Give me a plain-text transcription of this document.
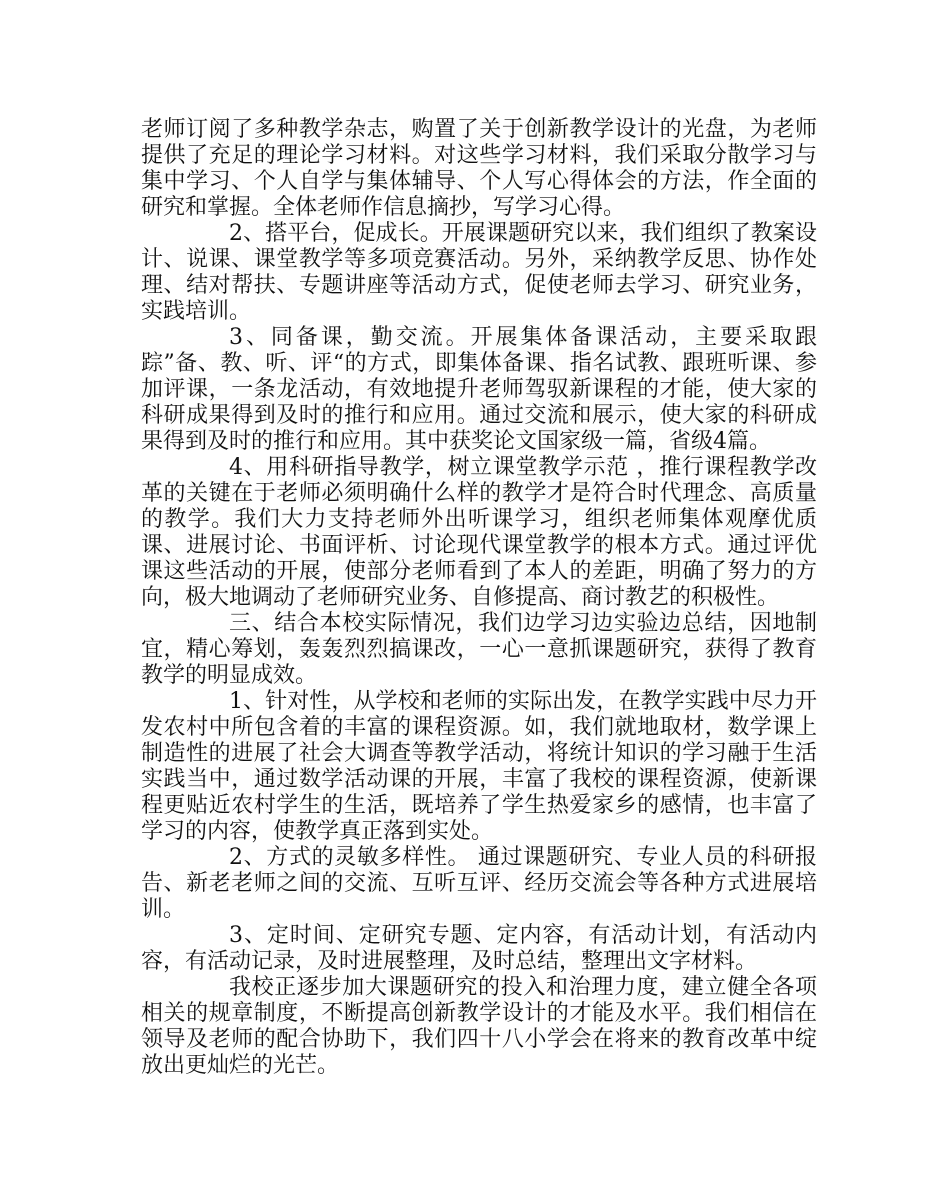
老师订阅了多种教学杂志，购置了关于创新教学设计的光盘，为老师提供了充足的理论学习材料。对这些学习材料，我们采取分散学习与集中学习、个人自学与集体辅导、个人写心得体会的方法，作全面的研究和掌握。全体老师作信息摘抄，写学习心得。

2、搭平台，促成长。开展课题研究以来，我们组织了教案设计、说课、课堂教学等多项竞赛活动。另外，采纳教学反思、协作处理、结对帮扶、专题讲座等活动方式，促使老师去学习、研究业务，实践培训。

3、同备课，勤交流。开展集体备课活动，主要采取跟踪”备、教、听、评“的方式，即集体备课、指名试教、跟班听课、参加评课，一条龙活动，有效地提升老师驾驭新课程的才能，使大家的科研成果得到及时的推行和应用。通过交流和展示，使大家的科研成果得到及时的推行和应用。其中获奖论文国家级一篇，省级4篇。

4、用科研指导教学，树立课堂教学示范 ，推行课程教学改革的关键在于老师必须明确什么样的教学才是符合时代理念、高质量的教学。我们大力支持老师外出听课学习，组织老师集体观摩优质课、进展讨论、书面评析、讨论现代课堂教学的根本方式。通过评优课这些活动的开展，使部分老师看到了本人的差距，明确了努力的方向，极大地调动了老师研究业务、自修提高、商讨教艺的积极性。

三、结合本校实际情况，我们边学习边实验边总结，因地制宜，精心筹划，轰轰烈烈搞课改，一心一意抓课题研究，获得了教育教学的明显成效。

1、针对性，从学校和老师的实际出发，在教学实践中尽力开发农村中所包含着的丰富的课程资源。如，我们就地取材，数学课上制造性的进展了社会大调查等教学活动，将统计知识的学习融于生活实践当中，通过数学活动课的开展，丰富了我校的课程资源，使新课程更贴近农村学生的生活，既培养了学生热爱家乡的感情，也丰富了学习的内容，使教学真正落到实处。

2、方式的灵敏多样性。 通过课题研究、专业人员的科研报告、新老老师之间的交流、互听互评、经历交流会等各种方式进展培训。

3、定时间、定研究专题、定内容，有活动计划，有活动内容，有活动记录，及时进展整理，及时总结，整理出文字材料。

我校正逐步加大课题研究的投入和治理力度，建立健全各项相关的规章制度，不断提高创新教学设计的才能及水平。我们相信在领导及老师的配合协助下，我们四十八小学会在将来的教育改革中绽放出更灿烂的光芒。
